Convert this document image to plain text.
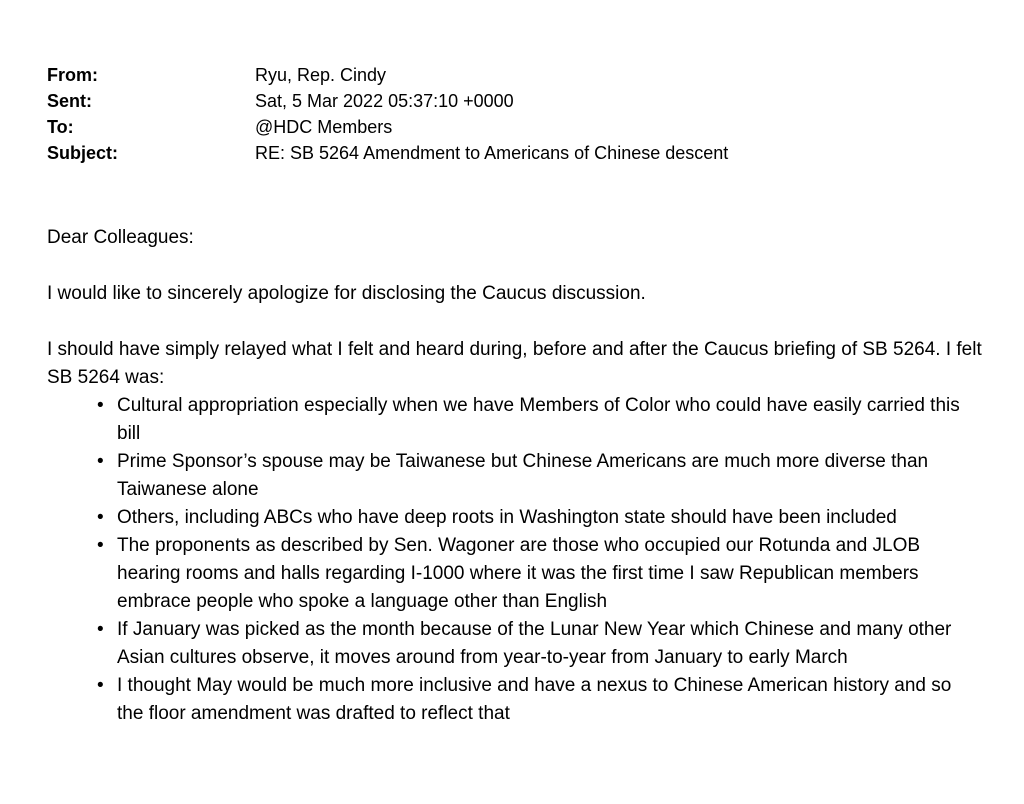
From:	Ryu, Rep. Cindy
Sent:	Sat, 5 Mar 2022 05:37:10 +0000
To:	@HDC Members
Subject:	RE: SB 5264 Amendment to Americans of Chinese descent
Dear Colleagues:
I would like to sincerely apologize for disclosing the Caucus discussion.
I should have simply relayed what I felt and heard during, before and after the Caucus briefing of SB 5264. I felt SB 5264 was:
• Cultural appropriation especially when we have Members of Color who could have easily carried this bill
• Prime Sponsor’s spouse may be Taiwanese but Chinese Americans are much more diverse than Taiwanese alone
• Others, including ABCs who have deep roots in Washington state should have been included
• The proponents as described by Sen. Wagoner are those who occupied our Rotunda and JLOB hearing rooms and halls regarding I-1000 where it was the first time I saw Republican members embrace people who spoke a language other than English
• If January was picked as the month because of the Lunar New Year which Chinese and many other Asian cultures observe, it moves around from year-to-year from January to early March
• I thought May would be much more inclusive and have a nexus to Chinese American history and so the floor amendment was drafted to reflect that
